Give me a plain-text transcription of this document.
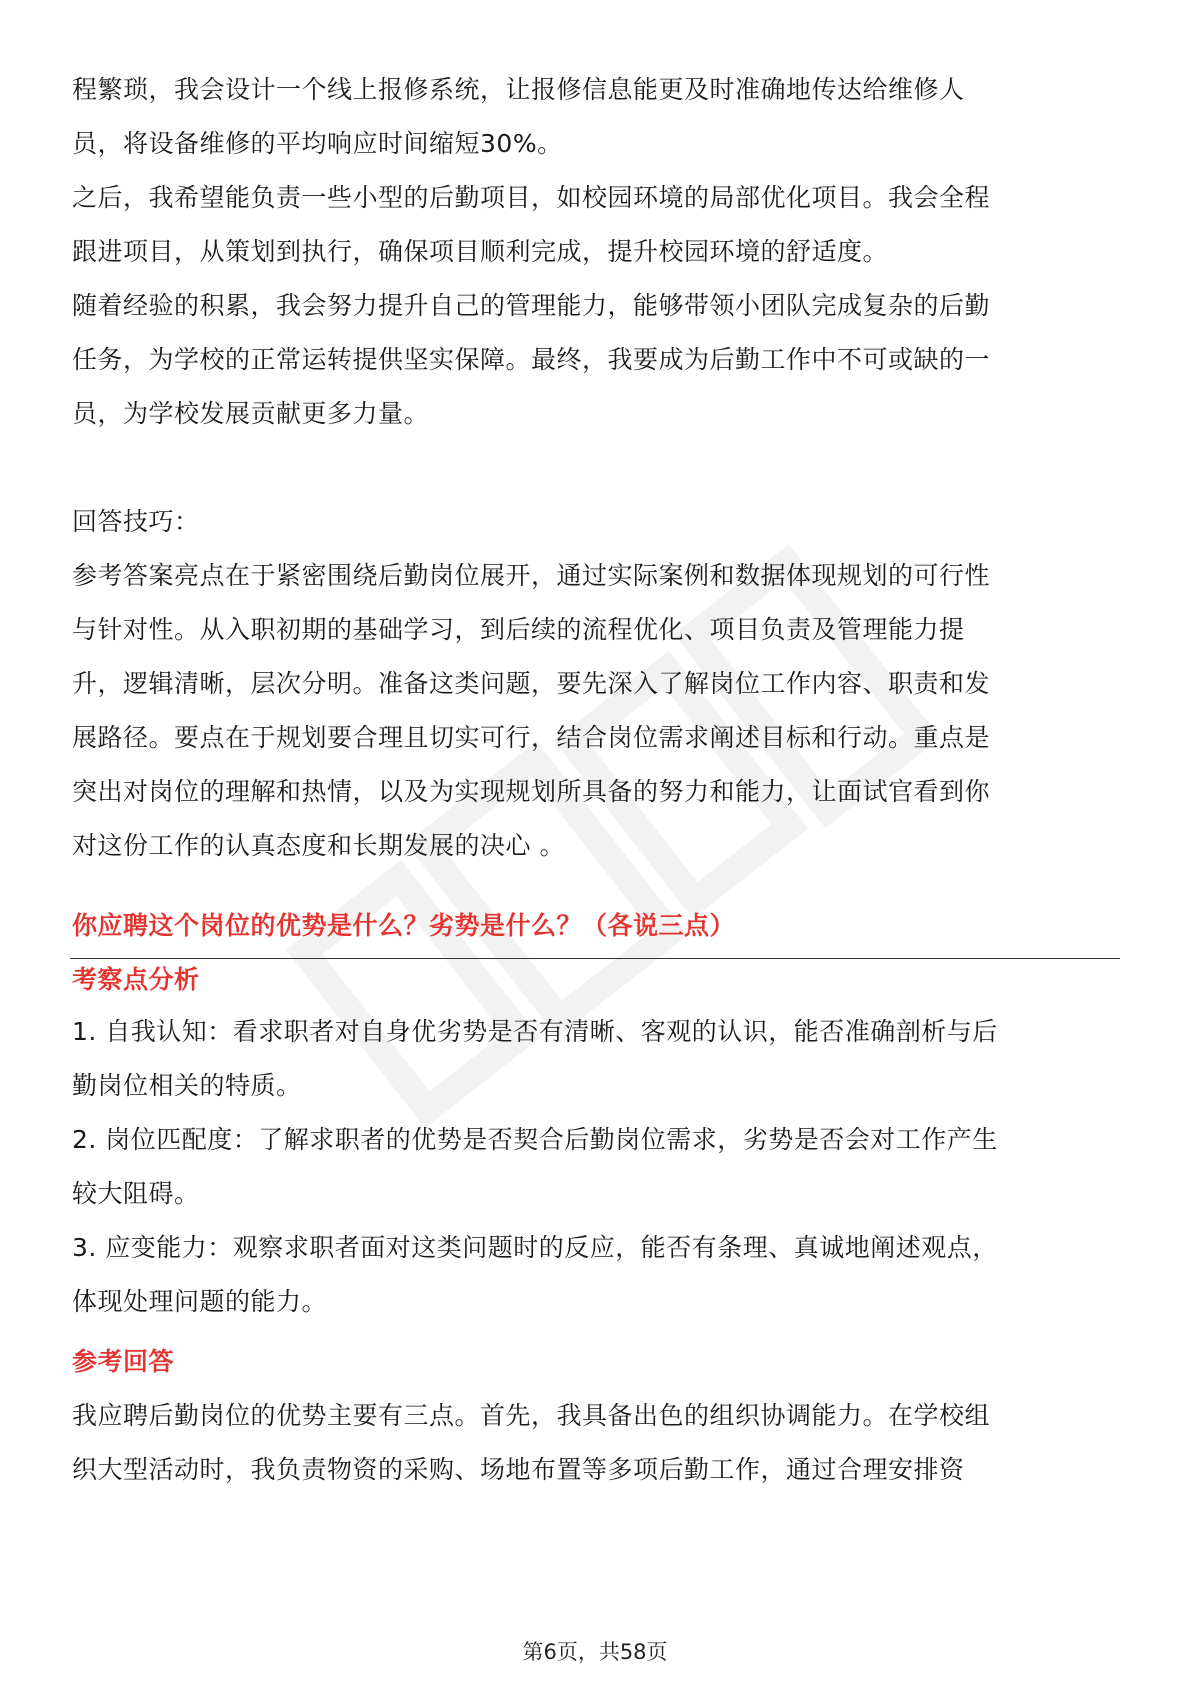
程繁琐，我会设计一个线上报修系统，让报修信息能更及时准确地传达给维修人
员，将设备维修的平均响应时间缩短30%。
之后，我希望能负责一些小型的后勤项目，如校园环境的局部优化项目。我会全程
跟进项目，从策划到执行，确保项目顺利完成，提升校园环境的舒适度。
随着经验的积累，我会努力提升自己的管理能力，能够带领小团队完成复杂的后勤
任务，为学校的正常运转提供坚实保障。最终，我要成为后勤工作中不可或缺的一
员，为学校发展贡献更多力量。
回答技巧：
参考答案亮点在于紧密围绕后勤岗位展开，通过实际案例和数据体现规划的可行性
与针对性。从入职初期的基础学习，到后续的流程优化、项目负责及管理能力提
升，逻辑清晰，层次分明。准备这类问题，要先深入了解岗位工作内容、职责和发
展路径。要点在于规划要合理且切实可行，结合岗位需求阐述目标和行动。重点是
突出对岗位的理解和热情，以及为实现规划所具备的努力和能力，让面试官看到你
对这份工作的认真态度和长期发展的决心 。
你应聘这个岗位的优势是什么？劣势是什么？（各说三点）
考察点分析
1. 自我认知：看求职者对自身优劣势是否有清晰、客观的认识，能否准确剖析与后
勤岗位相关的特质。
2. 岗位匹配度：了解求职者的优势是否契合后勤岗位需求，劣势是否会对工作产生
较大阻碍。
3. 应变能力：观察求职者面对这类问题时的反应，能否有条理、真诚地阐述观点，
体现处理问题的能力。
参考回答
我应聘后勤岗位的优势主要有三点。首先，我具备出色的组织协调能力。在学校组
织大型活动时，我负责物资的采购、场地布置等多项后勤工作，通过合理安排资
第6页，共58页
